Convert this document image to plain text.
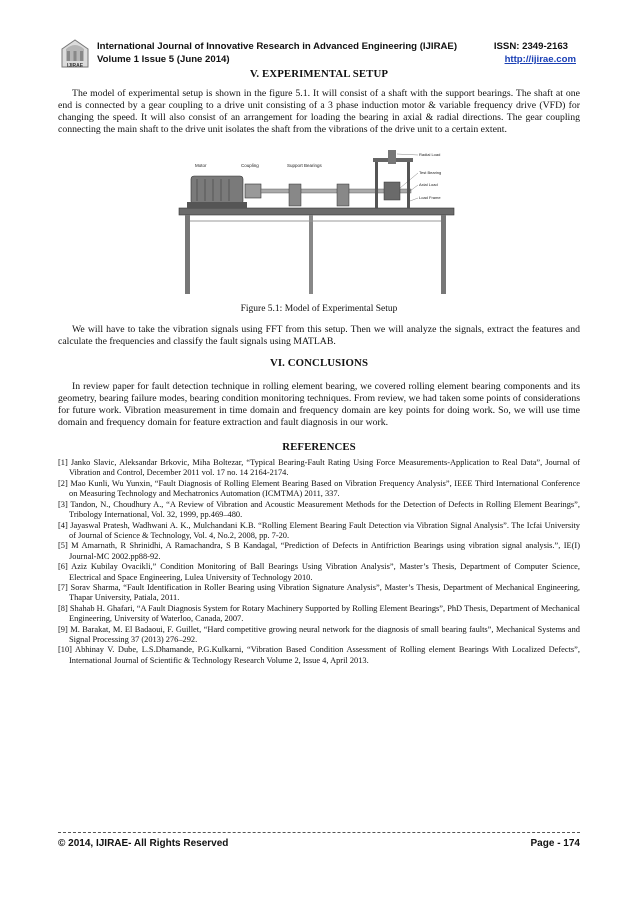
IJIRAE
International Journal of Innovative Research in Advanced Engineering (IJIRAE)
Volume 1 Issue 5 (June 2014)
ISSN: 2349-2163
http://ijirae.com
V. EXPERIMENTAL SETUP

The model of experimental setup is shown in the figure 5.1. It will consist of a shaft with the support bearings. The shaft at one end is connected by a gear coupling to a drive unit consisting of a 3 phase induction motor & variable frequency drive (VFD) for changing the speed. It will also consist of an arrangement for loading the bearing in axial & radial directions. The gear coupling connecting the main shaft to the drive unit isolates the shaft from the vibrations of the drive unit to a certain extent.

Motor	Coupling	Support Bearings
Radial Load
Test Bearing
Axial Load
Load Frame
Figure 5.1: Model of Experimental Setup

We will have to take the vibration signals using FFT from this setup. Then we will analyze the signals, extract the features and calculate the frequencies and classify the fault signals using MATLAB.

VI. CONCLUSIONS

In review paper for fault detection technique in rolling element bearing, we covered rolling element bearing components and its geometry, bearing failure modes, bearing condition monitoring techniques. From review, we had taken some points of considerations for future work. Vibration measurement in time domain and frequency domain are key points for doing work. So, we will use time domain and frequency domain for feature extraction and fault diagnosis in our work.

REFERENCES
[1] Janko Slavic, Aleksandar Brkovic, Miha Boltezar, “Typical Bearing-Fault Rating Using Force Measurements-Application to Real Data”, Journal of Vibration and Control, December 2011 vol. 17 no. 14 2164-2174.
[2] Mao Kunli, Wu Yunxin, “Fault Diagnosis of Rolling Element Bearing Based on Vibration Frequency Analysis”, IEEE Third International Conference on Measuring Technology and Mechatronics Automation (ICMTMA) 2011, 337.
[3] Tandon, N., Choudhury A., “A Review of Vibration and Acoustic Measurement Methods for the Detection of Defects in Rolling Element Bearings”, Tribology International, Vol. 32, 1999, pp.469–480.
[4] Jayaswal Pratesh, Wadhwani A. K., Mulchandani K.B. “Rolling Element Bearing Fault Detection via Vibration Signal Analysis”. The Icfai University of Journal of Science & Technology, Vol. 4, No.2, 2008, pp. 7-20.
[5] M Amarnath, R Shrinidhi, A Ramachandra, S B Kandagal, “Prediction of Defects in Antifriction Bearings using vibration signal analysis.”, IE(I) Journal-MC 2002.pp88-92.
[6] Aziz Kubilay Ovacikli,” Condition Monitoring of Ball Bearings Using Vibration Analysis”, Master’s Thesis, Department of Computer Science, Electrical and Space Engineering, Lulea University of Technology 2010.
[7] Sorav Sharma, “Fault Identification in Roller Bearing using Vibration Signature Analysis”, Master’s Thesis, Department of Mechanical Engineering, Thapar University, Patiala, 2011.
[8] Shahab H. Ghafari, “A Fault Diagnosis System for Rotary Machinery Supported by Rolling Element Bearings”, PhD Thesis, Department of Mechanical Engineering, University of Waterloo, Canada, 2007.
[9] M. Barakat, M. El Badaoui, F. Guillet, “Hard competitive growing neural network for the diagnosis of small bearing faults”, Mechanical Systems and Signal Processing 37 (2013) 276–292.
[10] Abhinay V. Dube, L.S.Dhamande, P.G.Kulkarni, “Vibration Based Condition Assessment of Rolling element Bearings With Localized Defects”, International Journal of Scientific & Technology Research Volume 2, Issue 4, April 2013.
© 2014, IJIRAE- All Rights Reserved	Page - 174
